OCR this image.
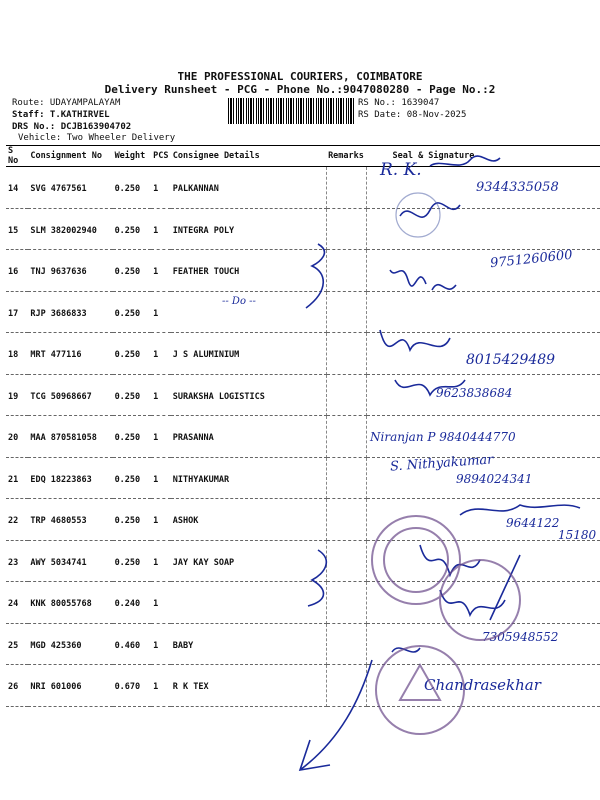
THE PROFESSIONAL COURIERS, COIMBATORE
Delivery Runsheet - PCG - Phone No.:9047080280 - Page No.:2
Route: UDAYAMPALAYAM
Staff: T.KATHIRVEL
DRS No.: DCJB163904702
Vehicle: Two Wheeler Delivery
RS No.: 1639047
RS Date: 08-Nov-2025
S No	Consignment No	Weight	PCS	Consignee Details	Remarks	Seal & Signature
14	SVG 4767561	0.250	1	PALKANNAN		
15	SLM 382002940	0.250	1	INTEGRA POLY		
16	TNJ 9637636	0.250	1	FEATHER TOUCH		
17	RJP 3686833	0.250	1			
18	MRT 477116	0.250	1	J S ALUMINIUM		
19	TCG 50968667	0.250	1	SURAKSHA LOGISTICS		
20	MAA 870581058	0.250	1	PRASANNA		
21	EDQ 18223863	0.250	1	NITHYAKUMAR		
22	TRP 4680553	0.250	1	ASHOK		
23	AWY 5034741	0.250	1	JAY KAY SOAP		
24	KNK 80055768	0.240	1			
25	MGD 425360	0.460	1	BABY		
26	NRI 601006	0.670	1	R K TEX		
R. K.
9344335058
9751260600
-- Do --
8015429489
9623838684
Niranjan P 9840444770
S. Nithyakumar
9894024341
9644122
15180
7305948552
Chandrasekhar
